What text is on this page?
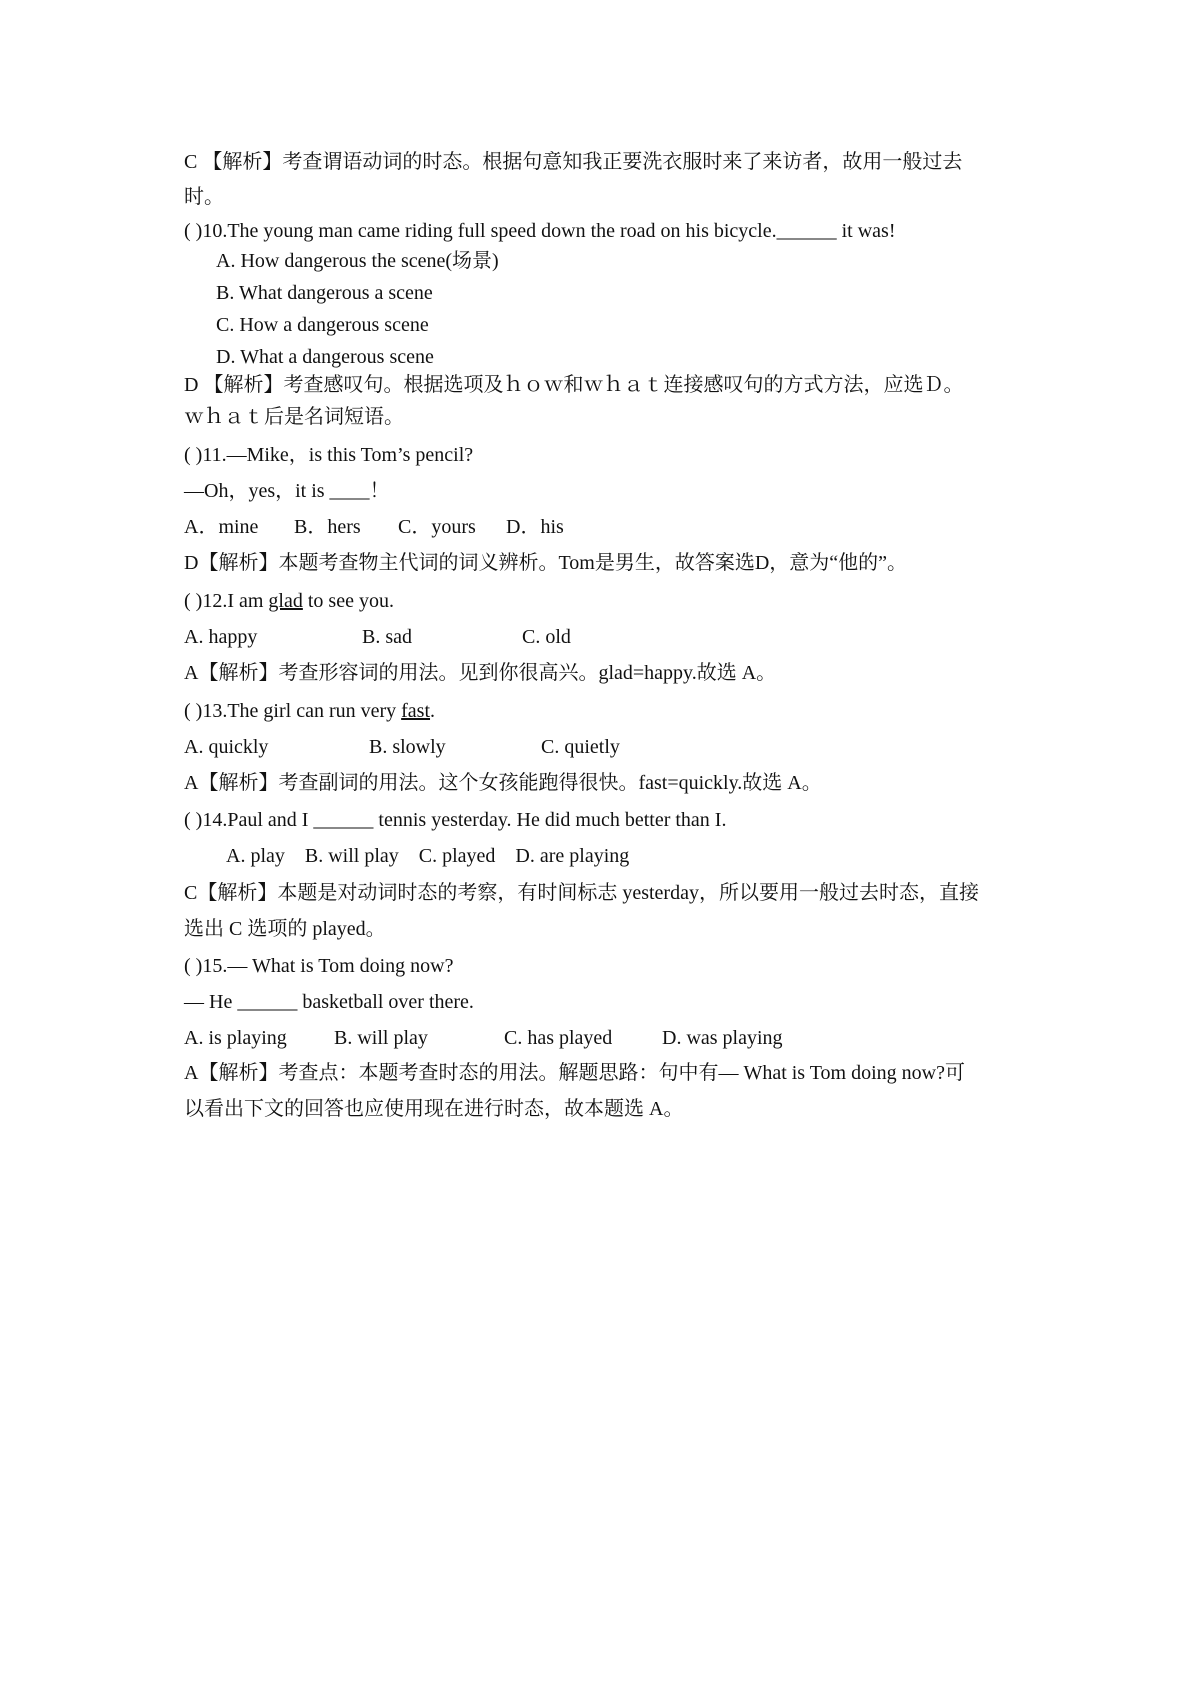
C 【解析】考查谓语动词的时态。根据句意知我正要洗衣服时来了来访者，故用一般过去
时。
( )10.The young man came riding full speed down the road on his bicycle.______ it was!
A. How dangerous the scene(场景)
B. What dangerous a scene
C. How a dangerous scene
D. What a dangerous scene
D 【解析】考查感叹句。根据选项及ｈｏｗ和ｗｈａｔ连接感叹句的方式方法，应选Ｄ。
ｗｈａｔ后是名词短语。
( )11.—Mike，is this Tom’s pencil?
—Oh，yes，it is ____！
A．mine B．hers C．yours D．his
D【解析】本题考查物主代词的词义辨析。Tom是男生，故答案选D，意为“他的”。
( )12.I am glad to see you.
A. happy	B. sad	C. old
A【解析】考查形容词的用法。见到你很高兴。glad=happy.故选 A。
( )13.The girl can run very fast.
A. quickly	B. slowly	C. quietly
A【解析】考查副词的用法。这个女孩能跑得很快。fast=quickly.故选 A。
( )14.Paul and I ______ tennis yesterday. He did much better than I.
A. play    B. will play    C. played    D. are playing
C【解析】本题是对动词时态的考察，有时间标志 yesterday，所以要用一般过去时态，直接
选出 C 选项的 played。
( )15.— What is Tom doing now?
— He ______ basketball over there.
A. is playing B. will play	C. has played D. was playing
A【解析】考查点：本题考查时态的用法。解题思路：句中有— What is Tom doing now?可
以看出下文的回答也应使用现在进行时态，故本题选 A。
